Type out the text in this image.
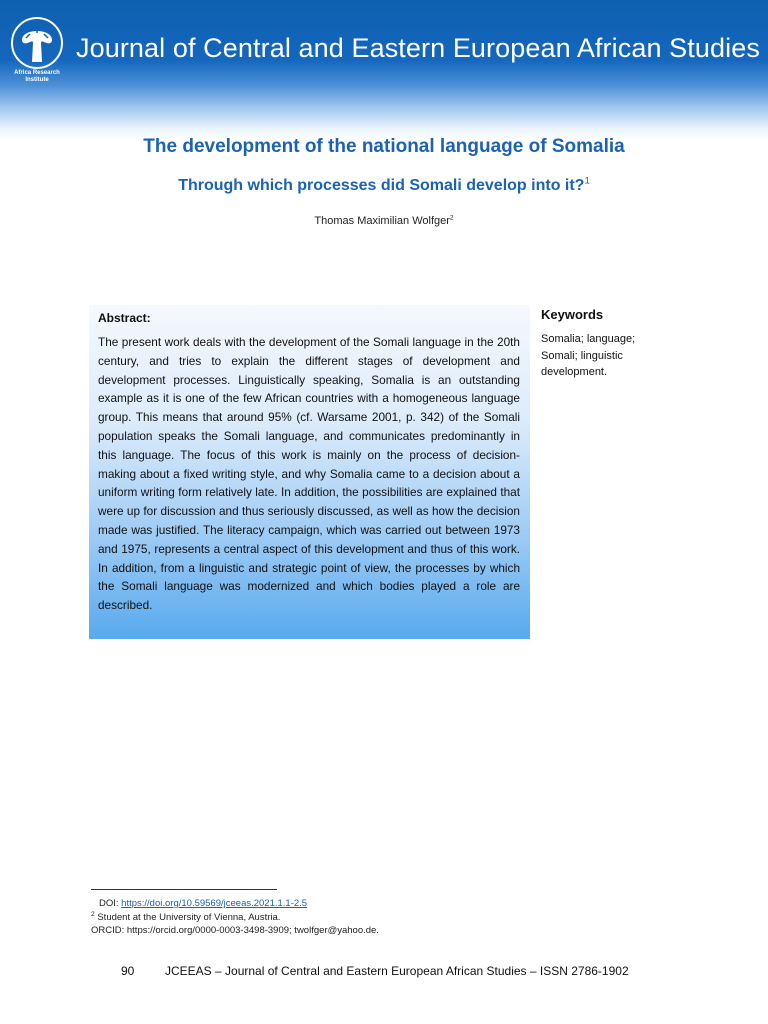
Africa Research Institute
Journal of Central and Eastern European African Studies
The development of the national language of Somalia
Through which processes did Somali develop into it?$^1$
Thomas Maximilian Wolfger$^2$
Abstract:
The present work deals with the development of the Somali language in the 20th century, and tries to explain the different stages of development and development processes. Linguistically speaking, Somalia is an outstanding example as it is one of the few African countries with a homogeneous language group. This means that around 95% (cf. Warsame 2001, p. 342) of the Somali population speaks the Somali language, and communicates predominantly in this language. The focus of this work is mainly on the process of decision-making about a fixed writing style, and why Somalia came to a decision about a uniform writing form relatively late. In addition, the possibilities are explained that were up for discussion and thus seriously discussed, as well as how the decision made was justified. The literacy campaign, which was carried out between 1973 and 1975, represents a central aspect of this development and thus of this work. In addition, from a linguistic and strategic point of view, the processes by which the Somali language was modernized and which bodies played a role are described.
Keywords
Somalia; language; Somali; linguistic development.
DOI: https://doi.org/10.59569/jceeas.2021.1.1-2.5
$^2$ Student at the University of Vienna, Austria.
ORCID: https://orcid.org/0000-0003-3498-3909; twolfger@yahoo.de.
90	JCEEAS – Journal of Central and Eastern European African Studies – ISSN 2786-1902
